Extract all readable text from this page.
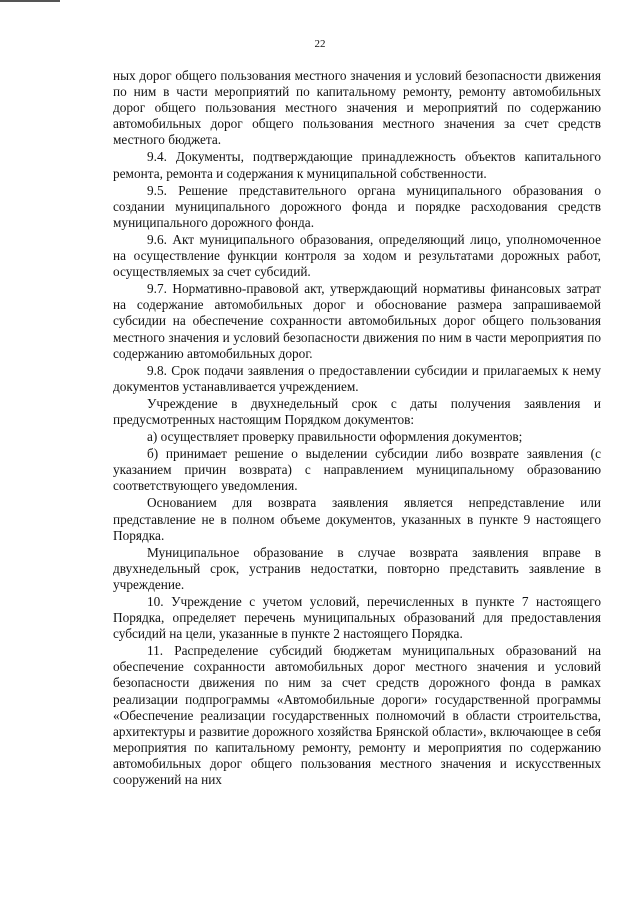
22

ных дорог общего пользования местного значения и условий безопасности движения по ним в части мероприятий по капитальному ремонту, ремонту автомобильных дорог общего пользования местного значения и мероприятий по содержанию автомобильных дорог общего пользования местного значения за счет средств местного бюджета.

9.4. Документы, подтверждающие принадлежность объектов капитального ремонта, ремонта и содержания к муниципальной собственности.

9.5. Решение представительного органа муниципального образования о создании муниципального дорожного фонда и порядке расходования средств муниципального дорожного фонда.

9.6. Акт муниципального образования, определяющий лицо, уполномоченное на осуществление функции контроля за ходом и результатами дорожных работ, осуществляемых за счет субсидий.

9.7. Нормативно-правовой акт, утверждающий нормативы финансовых затрат на содержание автомобильных дорог и обоснование размера запрашиваемой субсидии на обеспечение сохранности автомобильных дорог общего пользования местного значения и условий безопасности движения по ним в части мероприятия по содержанию автомобильных дорог.

9.8. Срок подачи заявления о предоставлении субсидии и прилагаемых к нему документов устанавливается учреждением.

Учреждение в двухнедельный срок с даты получения заявления и предусмотренных настоящим Порядком документов:

а) осуществляет проверку правильности оформления документов;

б) принимает решение о выделении субсидии либо возврате заявления (с указанием причин возврата) с направлением муниципальному образованию соответствующего уведомления.

Основанием для возврата заявления является непредставление или представление не в полном объеме документов, указанных в пункте 9 настоящего Порядка.

Муниципальное образование в случае возврата заявления вправе в двухнедельный срок, устранив недостатки, повторно представить заявление в учреждение.

10. Учреждение с учетом условий, перечисленных в пункте 7 настоящего Порядка, определяет перечень муниципальных образований для предоставления субсидий на цели, указанные в пункте 2 настоящего Порядка.

11. Распределение субсидий бюджетам муниципальных образований на обеспечение сохранности автомобильных дорог местного значения и условий безопасности движения по ним за счет средств дорожного фонда в рамках реализации подпрограммы «Автомобильные дороги» государственной программы «Обеспечение реализации государственных полномочий в области строительства, архитектуры и развитие дорожного хозяйства Брянской области», включающее в себя мероприятия по капитальному ремонту, ремонту и мероприятия по содержанию автомобильных дорог общего пользования местного значения и искусственных сооружений на них
